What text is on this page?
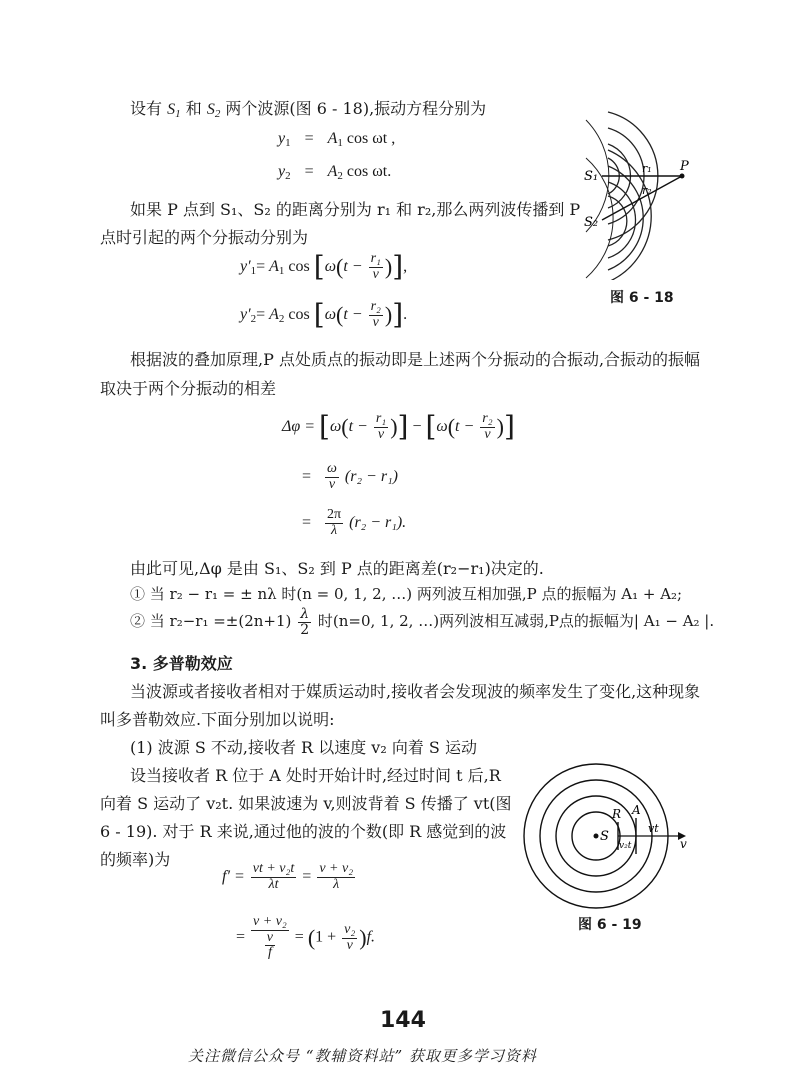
设有 $S_1$ 和 $S_2$ 两个波源(图 6 - 18),振动方程分别为
$y_1 = A_1$ cos ωt ,
$y_2 = A_2$ cos ωt.
如果 P 点到 S₁、S₂ 的距离分别为 r₁ 和 r₂,那么两列波传播到 P
点时引起的两个分振动分别为
$y'_1= A_1$ $\cos [\omega(t - \frac{\text{r₁}}{v}$ )],
$y'_2= A_2$ $\cos [\omega(t - \frac{\text{r₂}}{v}$ )].
S₁
S₂
P
r₁
r₂
图 6 - 18
根据波的叠加原理,P 点处质点的振动即是上述两个分振动的合振动,合振动的振幅
取决于两个分振动的相差
$\Delta\varphi = [\omega(t - \frac{\text{r₁}}{v}$ )] − [$\omega(t - \frac{\text{r₂}}{v}$ )]
= $\frac{\omega}{v} (r_2 - r_1)$
= $\frac{2\pi}{\lambda} (r_2 - r_1)$.
由此可见,Δφ 是由 S₁、S₂ 到 P 点的距离差(r₂−r₁)决定的.
① 当 r₂ − r₁ = ± nλ 时(n = 0, 1, 2, …) 两列波互相加强,P 点的振幅为 A₁ + A₂;
② 当 $r_2-r_1 =\pm(2n+1) \frac{\lambda}{2}$ 时(n=0, 1, 2, …)两列波相互减弱,P点的振幅为| A₁ − A₂ |.
3. 多普勒效应
当波源或者接收者相对于媒质运动时,接收者会发现波的频率发生了变化,这种现象
叫多普勒效应.下面分别加以说明:
(1) 波源 S 不动,接收者 R 以速度 v₂ 向着 S 运动
设当接收者 R 位于 A 处时开始计时,经过时间 t 后,R
向着 S 运动了 v₂t. 如果波速为 v,则波背着 S 传播了 vt(图
6 - 19). 对于 R 来说,通过他的波的个数(即 R 感觉到的波
的频率)为
$f' = \frac{\text{vt + v₂t}}{\lambda t} = \frac{\text{v + v₂}}{\lambda}$
= $\frac{\text{v + v₂}}{\frac{v}{f}} = (1 + \frac{\text{v₂}}{v} )f$.
S
R A
v₂t
vt
v
图 6 - 19
144
关注微信公众号 “教辅资料站” 获取更多学习资料
